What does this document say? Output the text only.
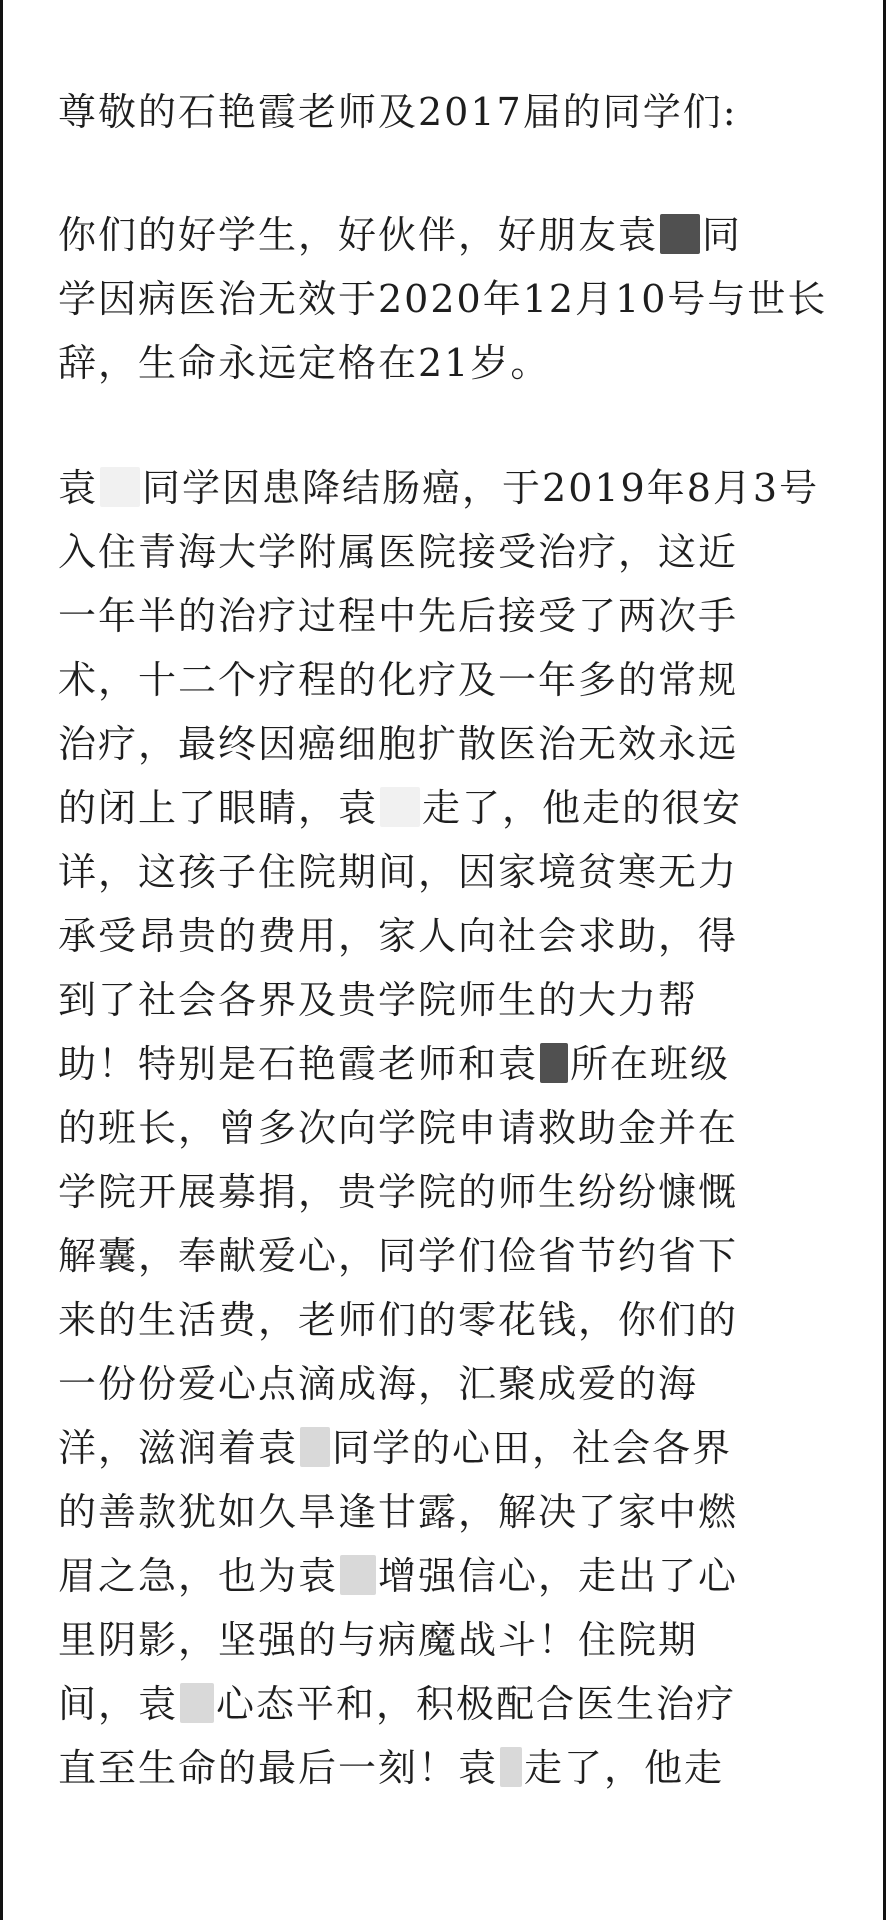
尊敬的石艳霞老师及2017届的同学们:
你们的好学生，好伙伴，好朋友袁 同
学因病医治无效于2020年12月10号与世长
辞，生命永远定格在21岁。
袁 同学因患降结肠癌，于2019年8月3号
入住青海大学附属医院接受治疗，这近
一年半的治疗过程中先后接受了两次手
术，十二个疗程的化疗及一年多的常规
治疗，最终因癌细胞扩散医治无效永远
的闭上了眼睛，袁 走了，他走的很安
详，这孩子住院期间，因家境贫寒无力
承受昂贵的费用，家人向社会求助，得
到了社会各界及贵学院师生的大力帮
助！特别是石艳霞老师和袁 所在班级
的班长，曾多次向学院申请救助金并在
学院开展募捐，贵学院的师生纷纷慷慨
解囊，奉献爱心，同学们俭省节约省下
来的生活费，老师们的零花钱，你们的
一份份爱心点滴成海，汇聚成爱的海
洋，滋润着袁 同学的心田，社会各界
的善款犹如久旱逢甘露，解决了家中燃
眉之急，也为袁 增强信心，走出了心
里阴影，坚强的与病魔战斗！住院期
间，袁 心态平和，积极配合医生治疗
直至生命的最后一刻！袁 走了，他走
